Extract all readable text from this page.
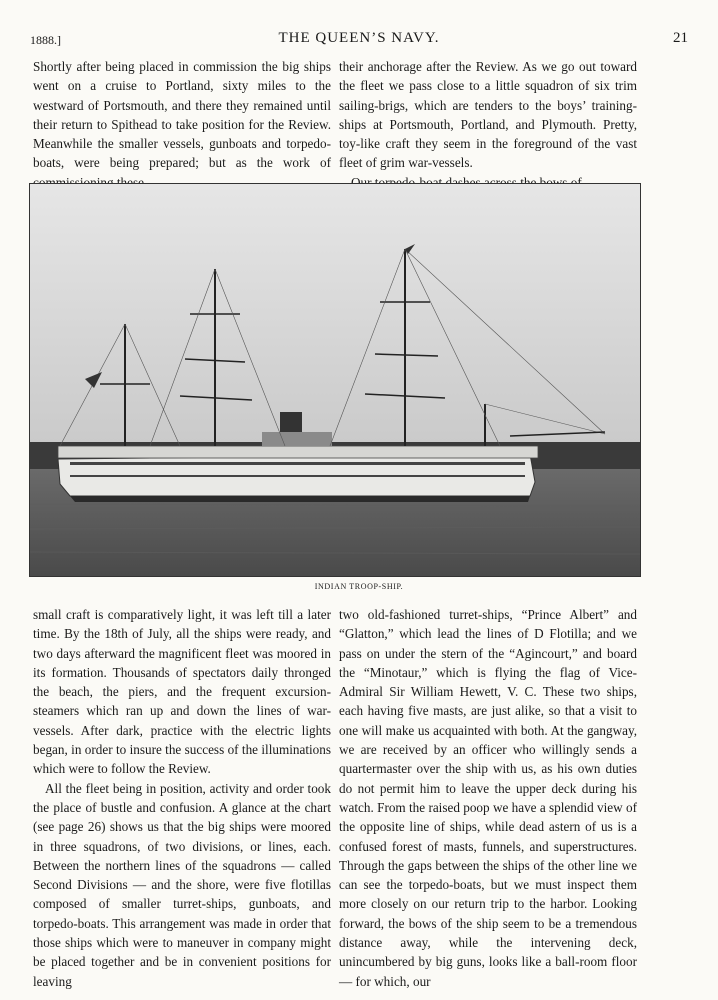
1888.]	THE QUEEN’S NAVY.	21

Shortly after being placed in commission the big ships went on a cruise to Portland, sixty miles to the westward of Portsmouth, and there they remained until their return to Spithead to take position for the Review. Meanwhile the smaller vessels, gunboats and torpedo-boats, were being prepared; but as the work of

their anchorage after the Review. As we go out toward the fleet we pass close to a little squadron of six trim sailing-brigs, which are tenders to the boys’ training-ships at Portsmouth, Portland, and Plymouth. Pretty, toy-like craft they seem in the foreground of the vast fleet of grim war-vessels.

INDIAN TROOP-SHIP.

small craft is comparatively light, it was left till a later time. By the 18th of July, all the ships were ready, and two days afterward the magnificent fleet was moored in its formation. Thousands of spectators daily thronged the beach, the piers, and the frequent excursion-steamers which ran up and down the lines of war-vessels. After dark, practice with the electric lights began, in order to insure the success of the illuminations which were to follow the Review.

All the fleet being in position, activity and order took the place of bustle and confusion. A glance at the chart (see page 26) shows us that the big ships were moored in three squadrons, of two divisions, or lines, each. Between the northern lines of the squadrons — called Second Divisions — and the shore, were five flotillas composed of smaller turret-ships, gunboats, and torpedo-boats. This arrangement was made in order that those ships which were to maneuver in company might be placed together and be in convenient positions for leaving

two old-fashioned turret-ships, “Prince Albert” and “Glatton,” which lead the lines of D Flotilla; and we pass on under the stern of the “Agincourt,” and board the “Minotaur,” which is flying the flag of Vice-Admiral Sir William Hewett, V. C. These two ships, each having five masts, are just alike, so that a visit to one will make us acquainted with both. At the gangway, we are received by an officer who willingly sends a quartermaster over the ship with us, as his own duties do not permit him to leave the upper deck during his watch. From the raised poop we have a splendid view of the opposite line of ships, while dead astern of us is a confused forest of masts, funnels, and superstructures. Through the gaps between the ships of the other line we can see the torpedo-boats, but we must inspect them more closely on our return trip to the harbor. Looking forward, the bows of the ship seem to be a tremendous distance away, while the intervening deck, unincumbered by big guns, looks like a ball-room floor — for which, our
